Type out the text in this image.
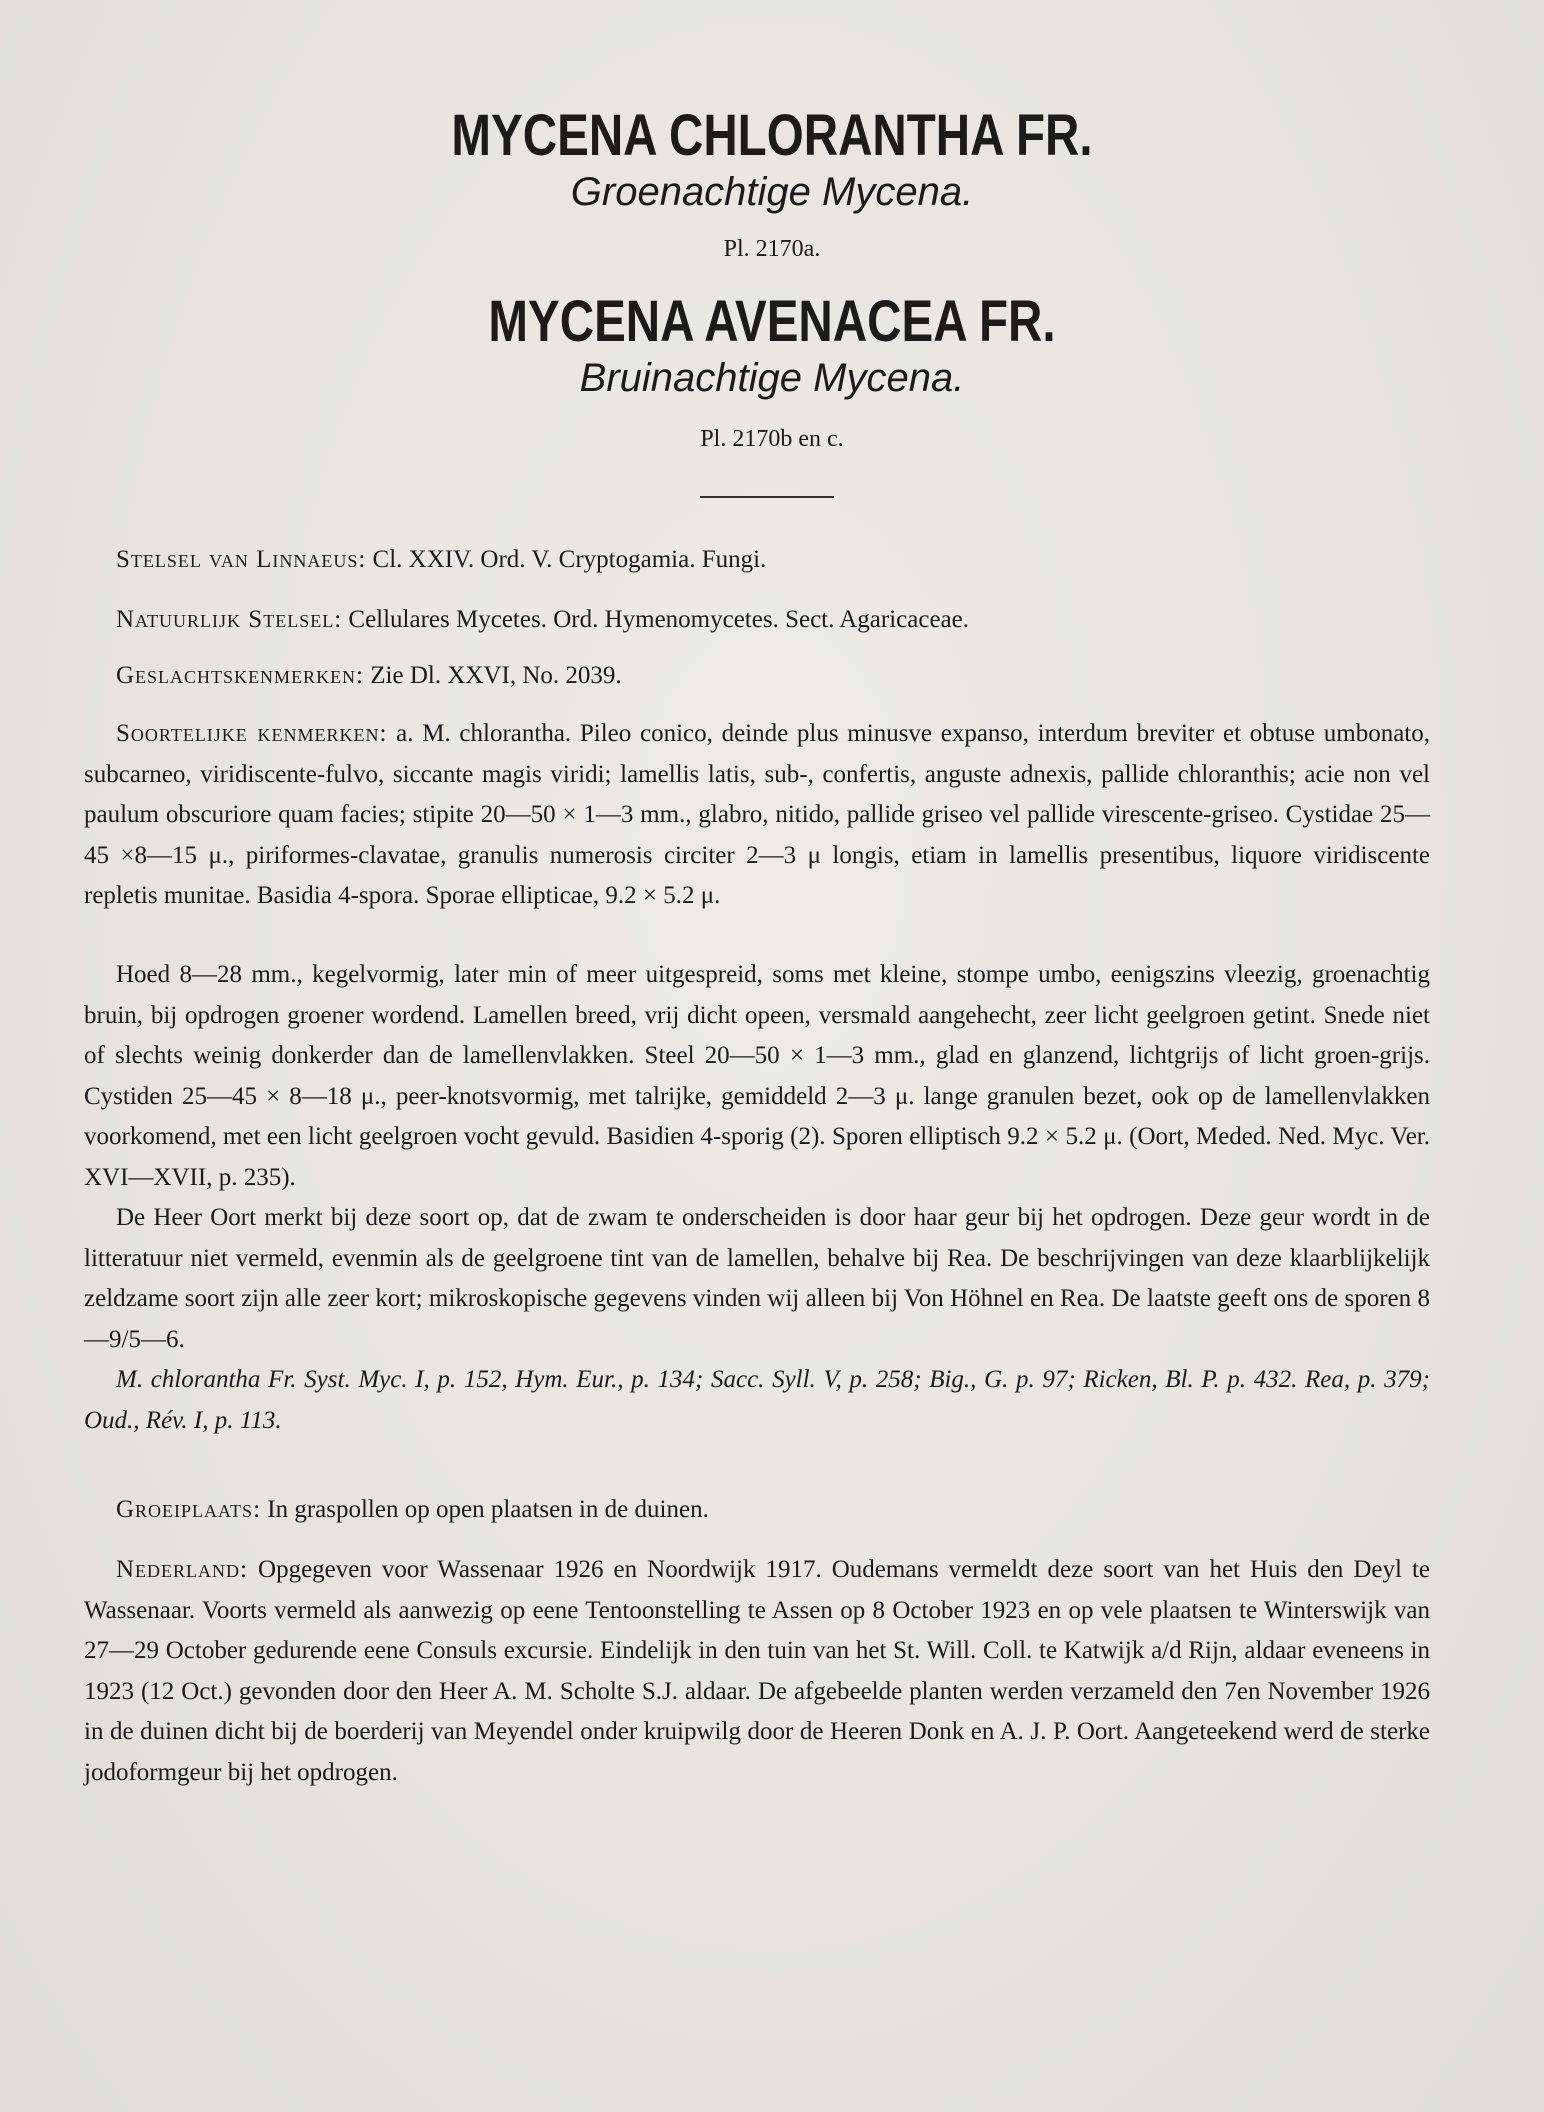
MYCENA CHLORANTHA FR.
Groenachtige Mycena.
Pl. 2170a.
MYCENA AVENACEA FR.
Bruinachtige Mycena.
Pl. 2170b en c.

Stelsel van Linnaeus: Cl. XXIV. Ord. V. Cryptogamia. Fungi.

Natuurlijk Stelsel: Cellulares Mycetes. Ord. Hymenomycetes. Sect. Agaricaceae.

Geslachtskenmerken: Zie Dl. XXVI, No. 2039.

Soortelijke kenmerken: a. M. chlorantha. Pileo conico, deinde plus minusve expanso, interdum breviter et obtuse umbonato, subcarneo, viridiscente-fulvo, siccante magis viridi; lamellis latis, sub-, confertis, anguste adnexis, pallide chloranthis; acie non vel paulum obscuriore quam facies; stipite 20—50 × 1—3 mm., glabro, nitido, pallide griseo vel pallide virescente-griseo. Cystidae 25—45 ×8—15 μ., piriformes-clavatae, granulis numerosis circiter 2—3 μ longis, etiam in lamellis presentibus, liquore viridiscente repletis munitae. Basidia 4-spora. Sporae ellipticae, 9.2 × 5.2 μ.

Hoed 8—28 mm., kegelvormig, later min of meer uitgespreid, soms met kleine, stompe umbo, eenigszins vleezig, groenachtig bruin, bij opdrogen groener wordend. Lamellen breed, vrij dicht opeen, versmald aangehecht, zeer licht geelgroen getint. Snede niet of slechts weinig donkerder dan de lamellenvlakken. Steel 20—50 × 1—3 mm., glad en glanzend, lichtgrijs of licht groen-grijs. Cystiden 25—45 × 8—18 μ., peer-knotsvormig, met talrijke, gemiddeld 2—3 μ. lange granulen bezet, ook op de lamellenvlakken voorkomend, met een licht geelgroen vocht gevuld. Basidien 4-sporig (2). Sporen elliptisch 9.2 × 5.2 μ. (Oort, Meded. Ned. Myc. Ver. XVI—XVII, p. 235).

De Heer Oort merkt bij deze soort op, dat de zwam te onderscheiden is door haar geur bij het opdrogen. Deze geur wordt in de litteratuur niet vermeld, evenmin als de geelgroene tint van de lamellen, behalve bij Rea. De beschrijvingen van deze klaarblijkelijk zeldzame soort zijn alle zeer kort; mikroskopische gegevens vinden wij alleen bij Von Höhnel en Rea. De laatste geeft ons de sporen 8—9/5—6.

M. chlorantha Fr. Syst. Myc. I, p. 152, Hym. Eur., p. 134; Sacc. Syll. V, p. 258; Big., G. p. 97; Ricken, Bl. P. p. 432. Rea, p. 379; Oud., Rév. I, p. 113.

Groeiplaats: In graspollen op open plaatsen in de duinen.

Nederland: Opgegeven voor Wassenaar 1926 en Noordwijk 1917. Oudemans vermeldt deze soort van het Huis den Deyl te Wassenaar. Voorts vermeld als aanwezig op eene Tentoonstelling te Assen op 8 October 1923 en op vele plaatsen te Winterswijk van 27—29 October gedurende eene Consuls excursie. Eindelijk in den tuin van het St. Will. Coll. te Katwijk a/d Rijn, aldaar eveneens in 1923 (12 Oct.) gevonden door den Heer A. M. Scholte S.J. aldaar. De afgebeelde planten werden verzameld den 7en November 1926 in de duinen dicht bij de boerderij van Meyendel onder kruipwilg door de Heeren Donk en A. J. P. Oort. Aangeteekend werd de sterke jodoformgeur bij het opdrogen.
